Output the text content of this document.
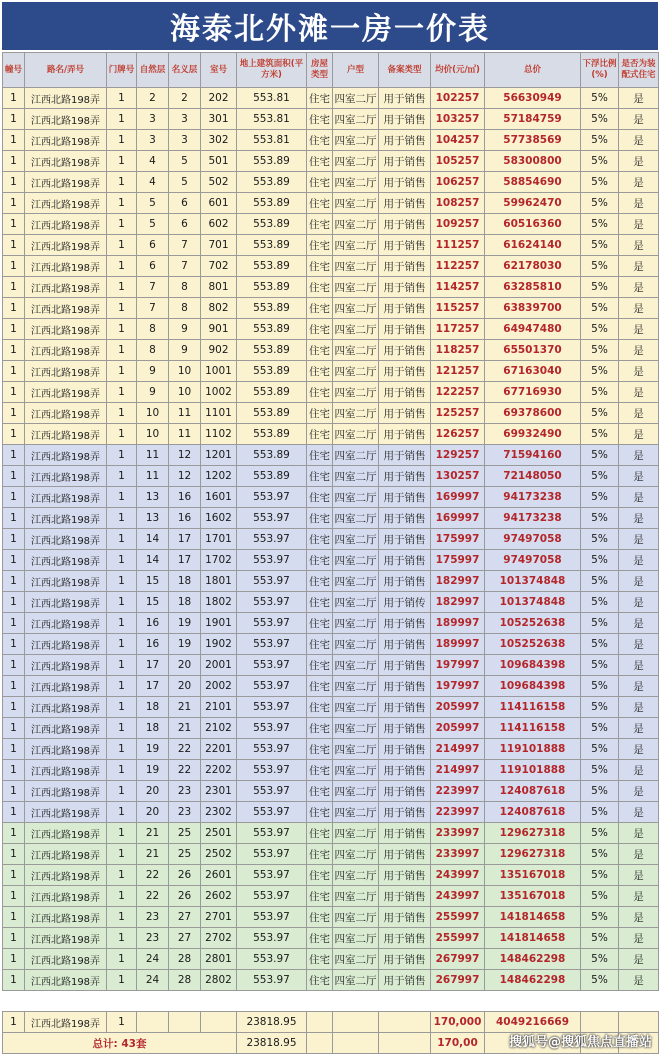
海泰北外滩一房一价表
幢号	路名/弄号	门牌号	自然层	名义层	室号	地上建筑面积(平方米)	房屋类型	户型	备案类型	均价(元/㎡)	总价	下浮比例(%)	是否为装配式住宅
1	江西北路198弄	1	2	2	202	553.81	住宅	四室二厅	用于销售	102257	56630949	5%	是
1	江西北路198弄	1	3	3	301	553.81	住宅	四室二厅	用于销售	103257	57184759	5%	是
1	江西北路198弄	1	3	3	302	553.81	住宅	四室二厅	用于销售	104257	57738569	5%	是
1	江西北路198弄	1	4	5	501	553.89	住宅	四室二厅	用于销售	105257	58300800	5%	是
1	江西北路198弄	1	4	5	502	553.89	住宅	四室二厅	用于销售	106257	58854690	5%	是
1	江西北路198弄	1	5	6	601	553.89	住宅	四室二厅	用于销售	108257	59962470	5%	是
1	江西北路198弄	1	5	6	602	553.89	住宅	四室二厅	用于销售	109257	60516360	5%	是
1	江西北路198弄	1	6	7	701	553.89	住宅	四室二厅	用于销售	111257	61624140	5%	是
1	江西北路198弄	1	6	7	702	553.89	住宅	四室二厅	用于销售	112257	62178030	5%	是
1	江西北路198弄	1	7	8	801	553.89	住宅	四室二厅	用于销售	114257	63285810	5%	是
1	江西北路198弄	1	7	8	802	553.89	住宅	四室二厅	用于销售	115257	63839700	5%	是
1	江西北路198弄	1	8	9	901	553.89	住宅	四室二厅	用于销售	117257	64947480	5%	是
1	江西北路198弄	1	8	9	902	553.89	住宅	四室二厅	用于销售	118257	65501370	5%	是
1	江西北路198弄	1	9	10	1001	553.89	住宅	四室二厅	用于销售	121257	67163040	5%	是
1	江西北路198弄	1	9	10	1002	553.89	住宅	四室二厅	用于销售	122257	67716930	5%	是
1	江西北路198弄	1	10	11	1101	553.89	住宅	四室二厅	用于销售	125257	69378600	5%	是
1	江西北路198弄	1	10	11	1102	553.89	住宅	四室二厅	用于销售	126257	69932490	5%	是
1	江西北路198弄	1	11	12	1201	553.89	住宅	四室二厅	用于销售	129257	71594160	5%	是
1	江西北路198弄	1	11	12	1202	553.89	住宅	四室二厅	用于销售	130257	72148050	5%	是
1	江西北路198弄	1	13	16	1601	553.97	住宅	四室二厅	用于销售	169997	94173238	5%	是
1	江西北路198弄	1	13	16	1602	553.97	住宅	四室二厅	用于销售	169997	94173238	5%	是
1	江西北路198弄	1	14	17	1701	553.97	住宅	四室二厅	用于销售	175997	97497058	5%	是
1	江西北路198弄	1	14	17	1702	553.97	住宅	四室二厅	用于销售	175997	97497058	5%	是
1	江西北路198弄	1	15	18	1801	553.97	住宅	四室二厅	用于销售	182997	101374848	5%	是
1	江西北路198弄	1	15	18	1802	553.97	住宅	四室二厅	用于销传	182997	101374848	5%	是
1	江西北路198弄	1	16	19	1901	553.97	住宅	四室二厅	用于销售	189997	105252638	5%	是
1	江西北路198弄	1	16	19	1902	553.97	住宅	四室二厅	用于销售	189997	105252638	5%	是
1	江西北路198弄	1	17	20	2001	553.97	住宅	四室二厅	用于销售	197997	109684398	5%	是
1	江西北路198弄	1	17	20	2002	553.97	住宅	四室二厅	用于销售	197997	109684398	5%	是
1	江西北路198弄	1	18	21	2101	553.97	住宅	四室二厅	用于销售	205997	114116158	5%	是
1	江西北路198弄	1	18	21	2102	553.97	住宅	四室二厅	用于销售	205997	114116158	5%	是
1	江西北路198弄	1	19	22	2201	553.97	住宅	四室二厅	用于销售	214997	119101888	5%	是
1	江西北路198弄	1	19	22	2202	553.97	住宅	四室二厅	用于销售	214997	119101888	5%	是
1	江西北路198弄	1	20	23	2301	553.97	住宅	四室二厅	用于销售	223997	124087618	5%	是
1	江西北路198弄	1	20	23	2302	553.97	住宅	四室二厅	用于销售	223997	124087618	5%	是
1	江西北路198弄	1	21	25	2501	553.97	住宅	四室二厅	用于销售	233997	129627318	5%	是
1	江西北路198弄	1	21	25	2502	553.97	住宅	四室二厅	用于销售	233997	129627318	5%	是
1	江西北路198弄	1	22	26	2601	553.97	住宅	四室二厅	用于销售	243997	135167018	5%	是
1	江西北路198弄	1	22	26	2602	553.97	住宅	四室二厅	用于销售	243997	135167018	5%	是
1	江西北路198弄	1	23	27	2701	553.97	住宅	四室二厅	用于销售	255997	141814658	5%	是
1	江西北路198弄	1	23	27	2702	553.97	住宅	四室二厅	用于销售	255997	141814658	5%	是
1	江西北路198弄	1	24	28	2801	553.97	住宅	四室二厅	用于销售	267997	148462298	5%	是
1	江西北路198弄	1	24	28	2802	553.97	住宅	四室二厅	用于销售	267997	148462298	5%	是

1	江西北路198弄	1				23818.95				170,000	4049216669		
总计: 43套						23818.95				170,00			搜狐号@搜狐焦点直播站
